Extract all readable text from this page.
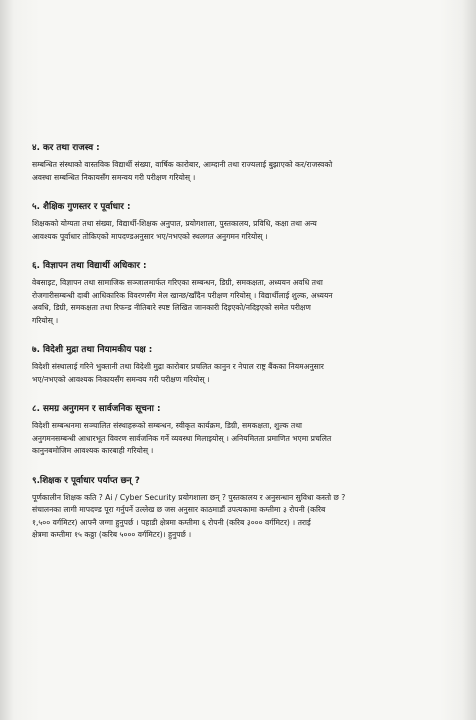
४. कर तथा राजस्व :
सम्बन्धित संस्थाको वास्तविक विद्यार्थी संख्या, वार्षिक कारोबार, आम्दानी तथा राज्यलाई बुझाएको कर/राजस्वको
अवस्था सम्बन्धित निकायसँग समन्वय गरी परीक्षण गरियोस् ।
५. शैक्षिक गुणस्तर र पूर्वाधार :
शिक्षकको योग्यता तथा संख्या, विद्यार्थी-शिक्षक अनुपात, प्रयोगशाला, पुस्तकालय, प्रविधि, कक्षा तथा अन्य
आवश्यक पूर्वाधार तोकिएको मापदण्डअनुसार भए/नभएको स्थलगत अनुगमन गरियोस् ।
६. विज्ञापन तथा विद्यार्थी अधिकार :
वेबसाइट, विज्ञापन तथा सामाजिक सञ्जालमार्फत गरिएका सम्बन्धन, डिग्री, समकक्षता, अध्ययन अवधि तथा
रोजगारीसम्बन्धी दाबी आधिकारिक विवरणसँग मेल खान्छ/खाँदैन परीक्षण गरियोस् । विद्यार्थीलाई शुल्क, अध्ययन
अवधि, डिग्री, समकक्षता तथा रिफन्ड नीतिबारे स्पष्ट लिखित जानकारी दिइएको/नदिइएको समेत परीक्षण
गरियोस् ।
७. विदेशी मुद्रा तथा नियामकीय पक्ष :
विदेशी संस्थालाई गरिने भुक्तानी तथा विदेशी मुद्रा कारोबार प्रचलित कानुन र नेपाल राष्ट्र बैंकका नियमअनुसार
भए/नभएको आवश्यक निकायसँग समन्वय गरी परीक्षण गरियोस् ।
८. समग्र अनुगमन र सार्वजनिक सूचना :
विदेशी सम्बन्धनमा सञ्चालित संस्थाहरूको सम्बन्धन, स्वीकृत कार्यक्रम, डिग्री, समकक्षता, शुल्क तथा
अनुगमनसम्बन्धी आधारभूत विवरण सार्वजनिक गर्ने व्यवस्था मिलाइयोस् । अनियमितता प्रमाणित भएमा प्रचलित
कानुनबमोजिम आवश्यक कारबाही गरियोस् ।
९.शिक्षक र पूर्वाधार पर्याप्त छन् ?
पूर्णकालीन शिक्षक कति ? Ai / Cyber Security प्रयोगशाला छन् ? पुस्तकालय र अनुसन्धान सुविधा कस्तो छ ?
संचालनका लागी मापदण्ड पूरा गर्नुपर्ने उल्लेख छ जस अनुसार काठमाडौं उपत्यकामा कम्तीमा ३ रोपनी (करिब
१,५०० वर्गमिटर) आफ्नै जग्गा हुनुपर्छ । पहाडी क्षेत्रमा कम्तीमा ६ रोपनी (करिब ३००० वर्गमिटर) । तराई
क्षेत्रमा कम्तीमा १५ कठ्ठा (करिब ५००० वर्गमिटर)। हुनुपर्छ ।
